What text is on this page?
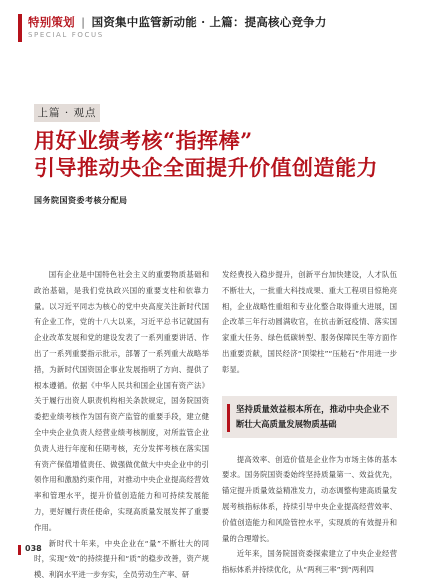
特别策划 | 国资集中监管新动能 · 上篇：提高核心竞争力
SPECIAL FOCUS
上篇 · 观点
用好业绩考核“指挥棒”
引导推动央企全面提升价值创造能力
国务院国资委考核分配局

国有企业是中国特色社会主义的重要物质基础和政治基础，是我们党执政兴国的重要支柱和依靠力量。以习近平同志为核心的党中央高度关注新时代国有企业工作，党的十八大以来，习近平总书记就国有企业改革发展和党的建设发表了一系列重要讲话、作出了一系列重要指示批示，部署了一系列重大战略举措，为新时代国资国企事业发展指明了方向、提供了根本遵循。依据《中华人民共和国企业国有资产法》关于履行出资人职责机构相关条款规定，国务院国资委把业绩考核作为国有资产监管的重要手段，建立健全中央企业负责人经营业绩考核制度，对所监管企业负责人进行年度和任期考核，充分发挥考核在落实国有资产保值增值责任、做强做优做大中央企业中的引领作用和激励约束作用，对推动中央企业提高经营效率和管理水平，提升价值创造能力和可持续发展能力，更好履行责任使命，实现高质量发展发挥了重要作用。

新时代十年来，中央企业在“量”不断壮大的同时，实现“效”的持续提升和“质”的稳步改善，资产规模、利润水平进一步夯实，全员劳动生产率、研

发经费投入稳步提升，创新平台加快建设，人才队伍不断壮大，一批重大科技成果、重大工程项目惊艳亮相，企业战略性重组和专业化整合取得重大进展，国企改革三年行动圆满收官，在抗击新冠疫情、落实国家重大任务、绿色低碳转型、服务保障民生等方面作出重要贡献，国民经济“顶梁柱”“压舱石”作用进一步彰显。

坚持质量效益根本所在，推动中央企业不断壮大高质量发展物质基础

提高效率、创造价值是企业作为市场主体的基本要求。国务院国资委始终坚持质量第一、效益优先，锚定提升质量效益精准发力，动态调整构建高质量发展考核指标体系，持续引导中央企业提高经营效率、价值创造能力和风险管控水平，实现质的有效提升和量的合理增长。

近年来，国务院国资委探索建立了中央企业经营指标体系并持续优化，从“两利三率”到“两利四

038
